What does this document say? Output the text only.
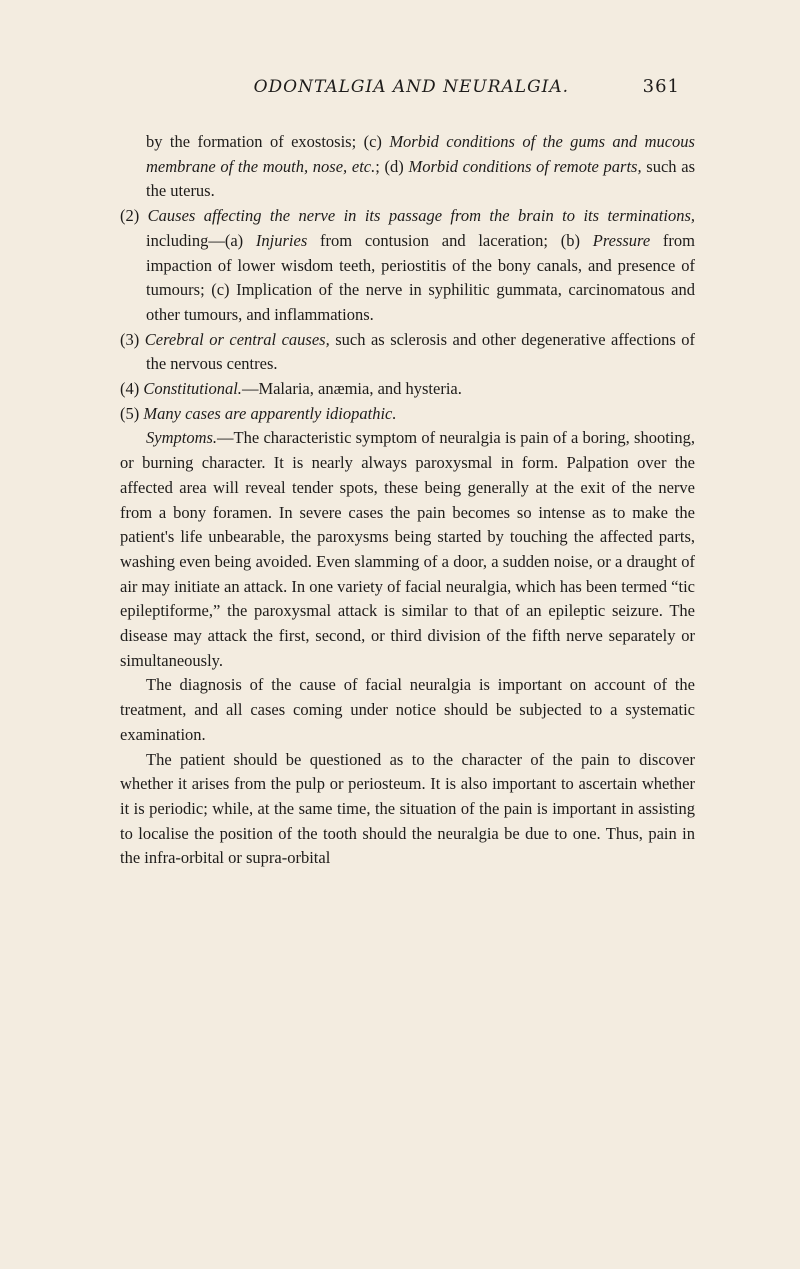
ODONTALGIA AND NEURALGIA.	361

by the formation of exostosis; (c) Morbid conditions of the gums and mucous membrane of the mouth, nose, etc.; (d) Morbid conditions of remote parts, such as the uterus.

(2) Causes affecting the nerve in its passage from the brain to its terminations, including—(a) Injuries from contusion and laceration; (b) Pressure from impaction of lower wisdom teeth, periostitis of the bony canals, and presence of tumours; (c) Implication of the nerve in syphilitic gummata, carcinomatous and other tumours, and inflammations.

(3) Cerebral or central causes, such as sclerosis and other degenerative affections of the nervous centres.

(4) Constitutional.—Malaria, anæmia, and hysteria.

(5) Many cases are apparently idiopathic.

Symptoms.—The characteristic symptom of neuralgia is pain of a boring, shooting, or burning character. It is nearly always paroxysmal in form. Palpation over the affected area will reveal tender spots, these being generally at the exit of the nerve from a bony foramen. In severe cases the pain becomes so intense as to make the patient's life unbearable, the paroxysms being started by touching the affected parts, washing even being avoided. Even slamming of a door, a sudden noise, or a draught of air may initiate an attack. In one variety of facial neuralgia, which has been termed “tic epileptiforme,” the paroxysmal attack is similar to that of an epileptic seizure. The disease may attack the first, second, or third division of the fifth nerve separately or simultaneously.

The diagnosis of the cause of facial neuralgia is important on account of the treatment, and all cases coming under notice should be subjected to a systematic examination.

The patient should be questioned as to the character of the pain to discover whether it arises from the pulp or periosteum. It is also important to ascertain whether it is periodic; while, at the same time, the situation of the pain is important in assisting to localise the position of the tooth should the neuralgia be due to one. Thus, pain in the infra-orbital or supra-orbital
